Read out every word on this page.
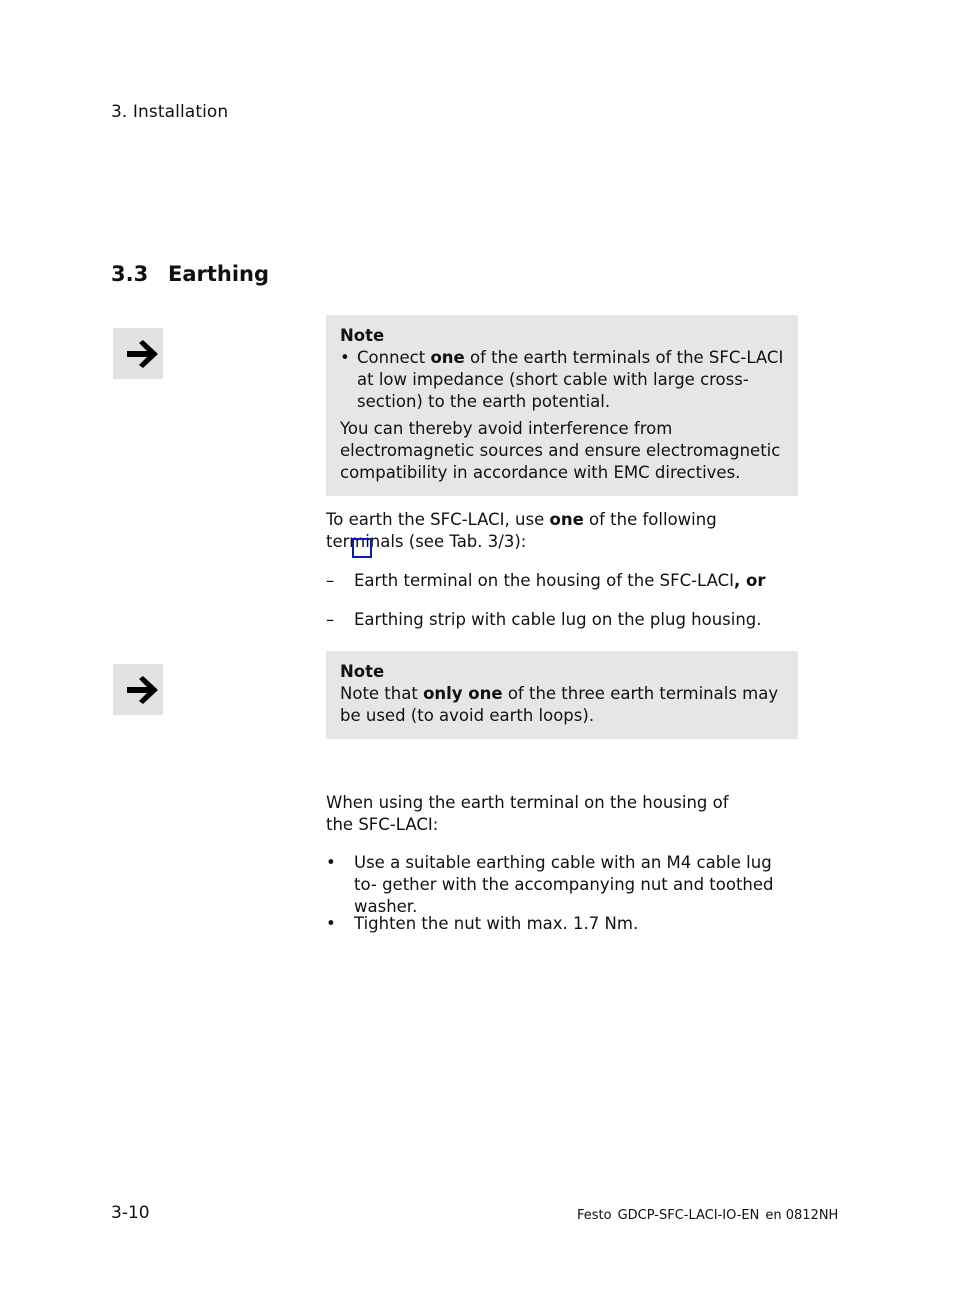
3. Installation
3.3 Earthing
Note
• Connect one of the earth terminals of the SFC-LACI at low impedance (short cable with large cross-section) to the earth potential.

You can thereby avoid interference from electromagnetic sources and ensure electromagnetic compatibility in accordance with EMC directives.

To earth the SFC-LACI, use one of the following terminals (see Tab. 3/3):
–	Earth terminal on the housing of the SFC-LACI, or
–	Earthing strip with cable lug on the plug housing.
Note
Note that only one of the three earth terminals may be used (to avoid earth loops).
When using the earth terminal on the housing of the SFC-LACI:
•	Use a suitable earthing cable with an M4 cable lug to- gether with the accompanying nut and toothed washer.
•	Tighten the nut with max. 1.7 Nm.
3-10	Festo GDCP-SFC-LACI-IO-EN en 0812NH
